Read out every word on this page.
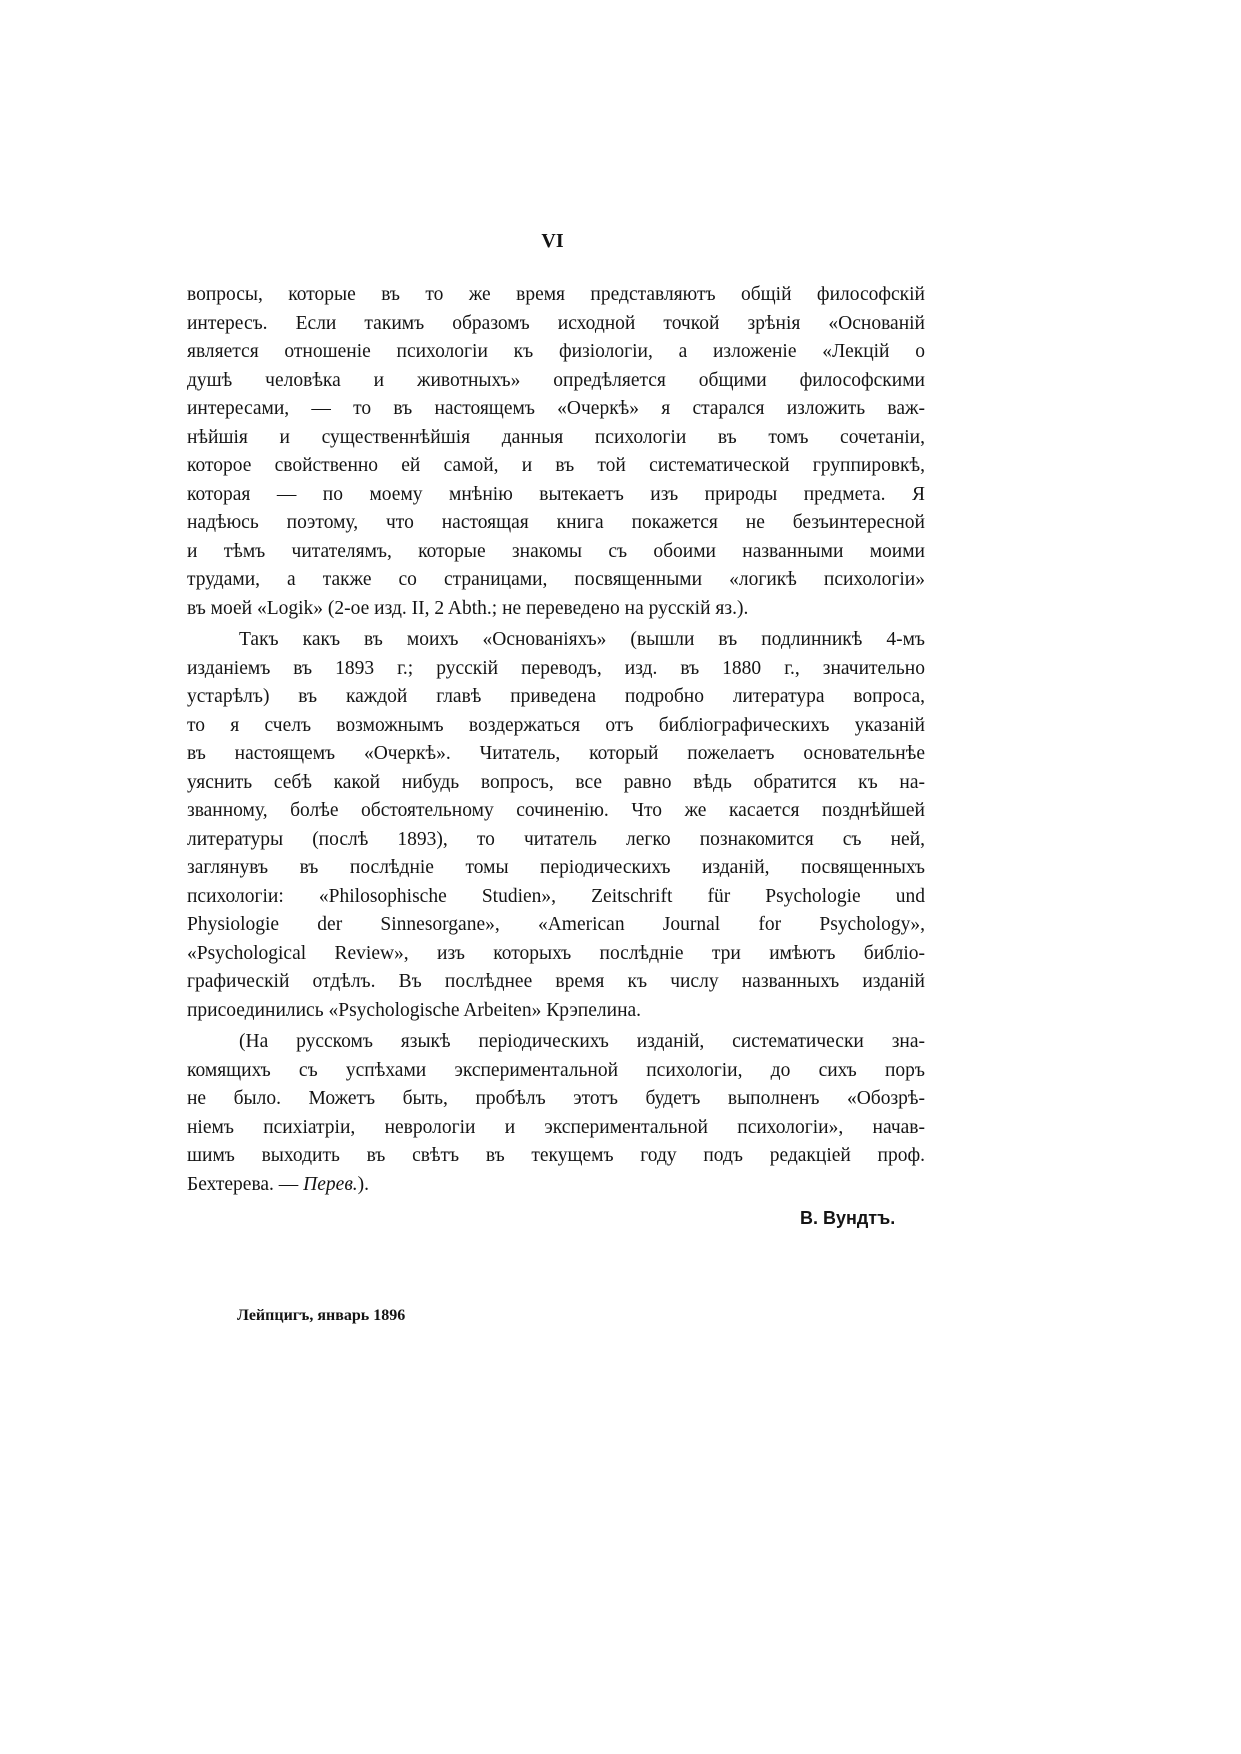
VI
вопросы, которые въ то же время представляютъ общій философскій
интересъ. Если такимъ образомъ исходной точкой зрѣнія «Основаній
является отношеніе психологіи къ физіологіи, а изложеніе «Лекцій о
душѣ человѣка и животныхъ» опредѣляется общими философскими
интересами, — то въ настоящемъ «Очеркѣ» я старался изложить важ-
нѣйшія и существеннѣйшія данныя психологіи въ томъ сочетаніи,
которое свойственно ей самой, и въ той систематической группировкѣ,
которая — по моему мнѣнію вытекаетъ изъ природы предмета. Я
надѣюсь поэтому, что настоящая книга покажется не безъинтересной
и тѣмъ читателямъ, которые знакомы съ обоими названными моими
трудами, а также со страницами, посвященными «логикѣ психологіи»
въ моей «Logik» (2-ое изд. II, 2 Abth.; не переведено на русскій яз.).
Такъ какъ въ моихъ «Основаніяхъ» (вышли въ подлинникѣ 4-мъ
изданіемъ въ 1893 г.; русскій переводъ, изд. въ 1880 г., значительно
устарѣлъ) въ каждой главѣ приведена подробно литература вопроса,
то я счелъ возможнымъ воздержаться отъ библіографическихъ указаній
въ настоящемъ «Очеркѣ». Читатель, который пожелаетъ основательнѣе
уяснить себѣ какой нибудь вопросъ, все равно вѣдь обратится къ на-
званному, болѣе обстоятельному сочиненію. Что же касается позднѣйшей
литературы (послѣ 1893), то читатель легко познакомится съ ней,
заглянувъ въ послѣдніе томы періодическихъ изданій, посвященныхъ
психологіи: «Philosophische Studien», Zeitschrift für Psychologie und
Physiologie der Sinnesorgane», «American Journal for Psychology»,
«Psychological Review», изъ которыхъ послѣдніе три имѣютъ библіо-
графическій отдѣлъ. Въ послѣднее время къ числу названныхъ изданій
присоединились «Psychologische Arbeiten» Крэпелина.
(На русскомъ языкѣ періодическихъ изданій, систематически зна-
комящихъ съ успѣхами экспериментальной психологіи, до сихъ поръ
не было. Можетъ быть, пробѣлъ этотъ будетъ выполненъ «Обозрѣ-
ніемъ психіатріи, неврологіи и экспериментальной психологіи», начав-
шимъ выходить въ свѣтъ въ текущемъ году подъ редакціей проф.
Бехтерева. — Перев.).
В. Вундтъ.
Лейпцигъ, январь 1896
